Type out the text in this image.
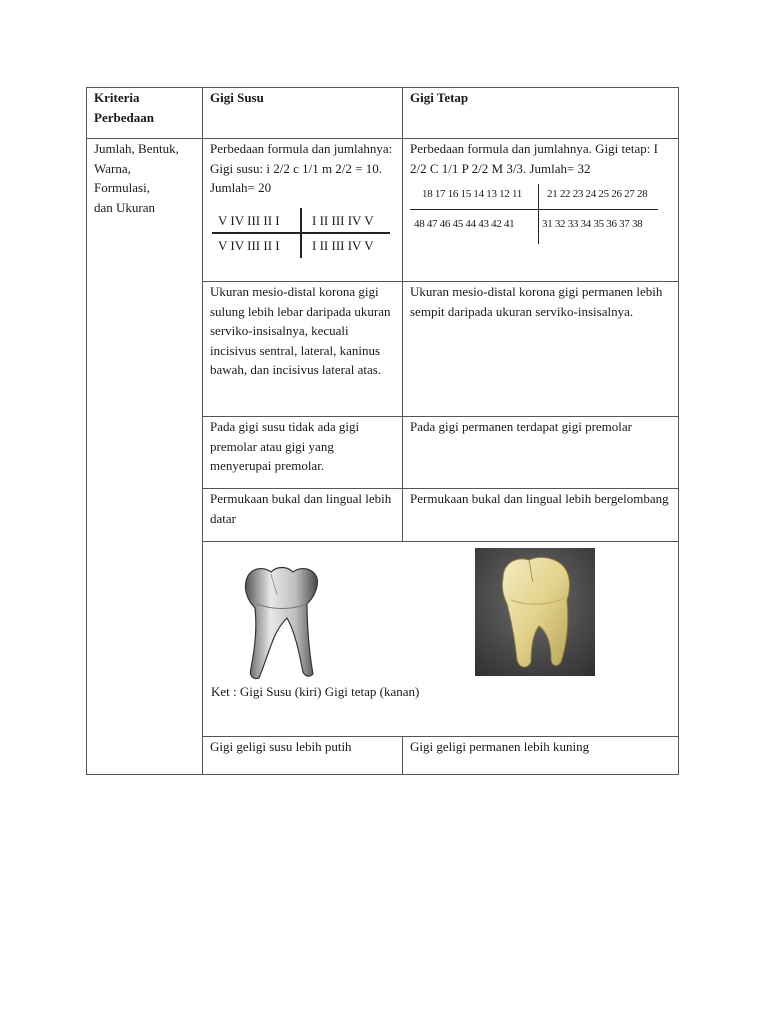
Kriteria Perbedaan	Gigi Susu	Gigi Tetap

Jumlah, Bentuk,
Warna,
Formulasi,
dan Ukuran	Perbedaan formula dan jumlahnya: Gigi susu: i 2/2 c 1/1 m 2/2 = 10. Jumlah= 20
V IV III II I I II III IV V
V IV III II I I II III IV V	Perbedaan formula dan jumlahnya. Gigi tetap: I 2/2 C 1/1 P 2/2 M 3/3. Jumlah= 32
18 17 16 15 14 13 12 11 21 22 23 24 25 26 27 28
48 47 46 45 44 43 42 41 31 32 33 34 35 36 37 38

	Ukuran mesio-distal korona gigi sulung lebih lebar daripada ukuran serviko-insisalnya, kecuali incisivus sentral, lateral, kaninus bawah, dan incisivus lateral atas.	Ukuran mesio-distal korona gigi permanen lebih sempit daripada ukuran serviko-insisalnya.
	Pada gigi susu tidak ada gigi premolar atau gigi yang menyerupai premolar.	Pada gigi permanen terdapat gigi premolar
	Permukaan bukal dan lingual lebih datar	Permukaan bukal dan lingual lebih bergelombang

	Ket : Gigi Susu (kiri) Gigi tetap (kanan)	

	Gigi geligi susu lebih putih	Gigi geligi permanen lebih kuning
